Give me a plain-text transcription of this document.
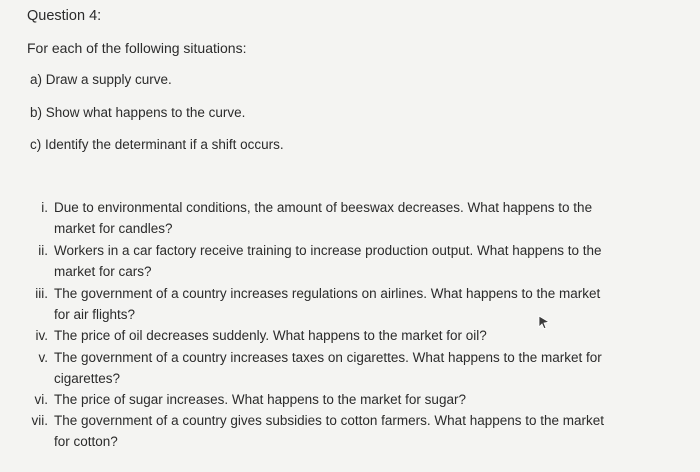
Question 4:
For each of the following situations:
a) Draw a supply curve.
b) Show what happens to the curve.
c) Identify the determinant if a shift occurs.
i. Due to environmental conditions, the amount of beeswax decreases. What happens to the market for candles?
ii. Workers in a car factory receive training to increase production output. What happens to the market for cars?
iii. The government of a country increases regulations on airlines. What happens to the market for air flights?
iv. The price of oil decreases suddenly. What happens to the market for oil?
v. The government of a country increases taxes on cigarettes. What happens to the market for cigarettes?
vi. The price of sugar increases. What happens to the market for sugar?
vii. The government of a country gives subsidies to cotton farmers. What happens to the market for cotton?
